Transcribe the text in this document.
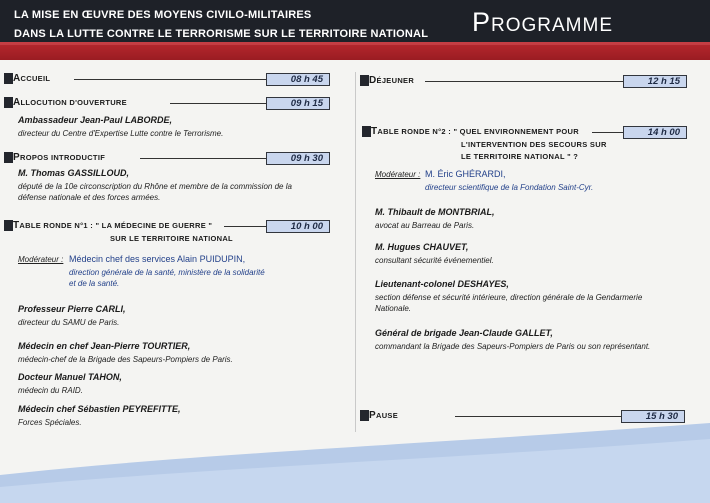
LA MISE EN ŒUVRE DES MOYENS CIVILO-MILITAIRES
DANS LA LUTTE CONTRE LE TERRORISME SUR LE TERRITOIRE NATIONAL Programme
ACCUEIL	08 h 45
ALLOCUTION D'OUVERTURE	09 h 15
Ambassadeur Jean-Paul LABORDE,
directeur du Centre d'Expertise Lutte contre le Terrorisme.
PROPOS INTRODUCTIF	09 h 30
M. Thomas GASSILLOUD,
député de la 10e circonscription du Rhône et membre de la commission de la
défense nationale et des forces armées.
TABLE RONDE N°1 : " LA MÉDECINE DE GUERRE "
SUR LE TERRITOIRE NATIONAL
10 h 00
Modérateur : Médecin chef des services Alain PUIDUPIN,
direction générale de la santé, ministère de la solidarité
et de la santé.
Professeur Pierre CARLI,
directeur du SAMU de Paris.
Médecin en chef Jean-Pierre TOURTIER,
médecin-chef de la Brigade des Sapeurs-Pompiers de Paris.
Docteur Manuel TAHON,
médecin du RAID.
Médecin chef Sébastien PEYREFITTE,
Forces Spéciales.
DÉJEUNER	12 h 15
TABLE RONDE N°2 : " QUEL ENVIRONNEMENT POUR
L'INTERVENTION DES SECOURS SUR
LE TERRITOIRE NATIONAL " ?
14 h 00
Modérateur : M. Éric GHÉRARDI,
directeur scientifique de la Fondation Saint-Cyr.
M. Thibault de MONTBRIAL,
avocat au Barreau de Paris.
M. Hugues CHAUVET,
consultant sécurité événementiel.
Lieutenant-colonel DESHAYES,
section défense et sécurité intérieure, direction générale de la Gendarmerie
Nationale.
Général de brigade Jean-Claude GALLET,
commandant la Brigade des Sapeurs-Pompiers de Paris ou son représentant.
PAUSE	15 h 30
